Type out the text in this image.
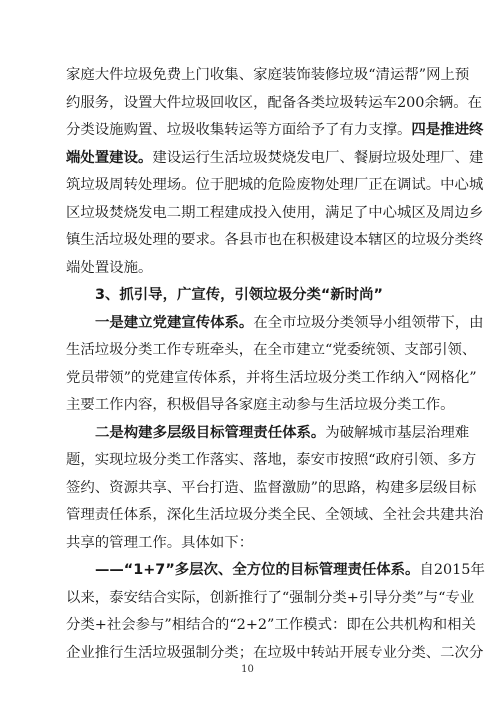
家庭大件垃圾免费上门收集、家庭装饰装修垃圾“清运帮”网上预
约服务，设置大件垃圾回收区，配备各类垃圾转运车200余辆。在
分类设施购置、垃圾收集转运等方面给予了有力支撑。四是推进终
端处置建设。建设运行生活垃圾焚烧发电厂、餐厨垃圾处理厂、建
筑垃圾周转处理场。位于肥城的危险废物处理厂正在调试。中心城
区垃圾焚烧发电二期工程建成投入使用，满足了中心城区及周边乡
镇生活垃圾处理的要求。各县市也在积极建设本辖区的垃圾分类终
端处置设施。
3、抓引导，广宣传，引领垃圾分类“新时尚”
一是建立党建宣传体系。在全市垃圾分类领导小组领带下，由
生活垃圾分类工作专班牵头，在全市建立“党委统领、支部引领、
党员带领”的党建宣传体系，并将生活垃圾分类工作纳入“网格化”
主要工作内容，积极倡导各家庭主动参与生活垃圾分类工作。
二是构建多层级目标管理责任体系。为破解城市基层治理难
题，实现垃圾分类工作落实、落地，泰安市按照“政府引领、多方
签约、资源共享、平台打造、监督激励”的思路，构建多层级目标
管理责任体系，深化生活垃圾分类全民、全领域、全社会共建共治
共享的管理工作。具体如下：
——“1+7”多层次、全方位的目标管理责任体系。自2015年
以来，泰安结合实际，创新推行了“强制分类+引导分类”与“专业
分类+社会参与”相结合的“2+2”工作模式：即在公共机构和相关
企业推行生活垃圾强制分类；在垃圾中转站开展专业分类、二次分
10
